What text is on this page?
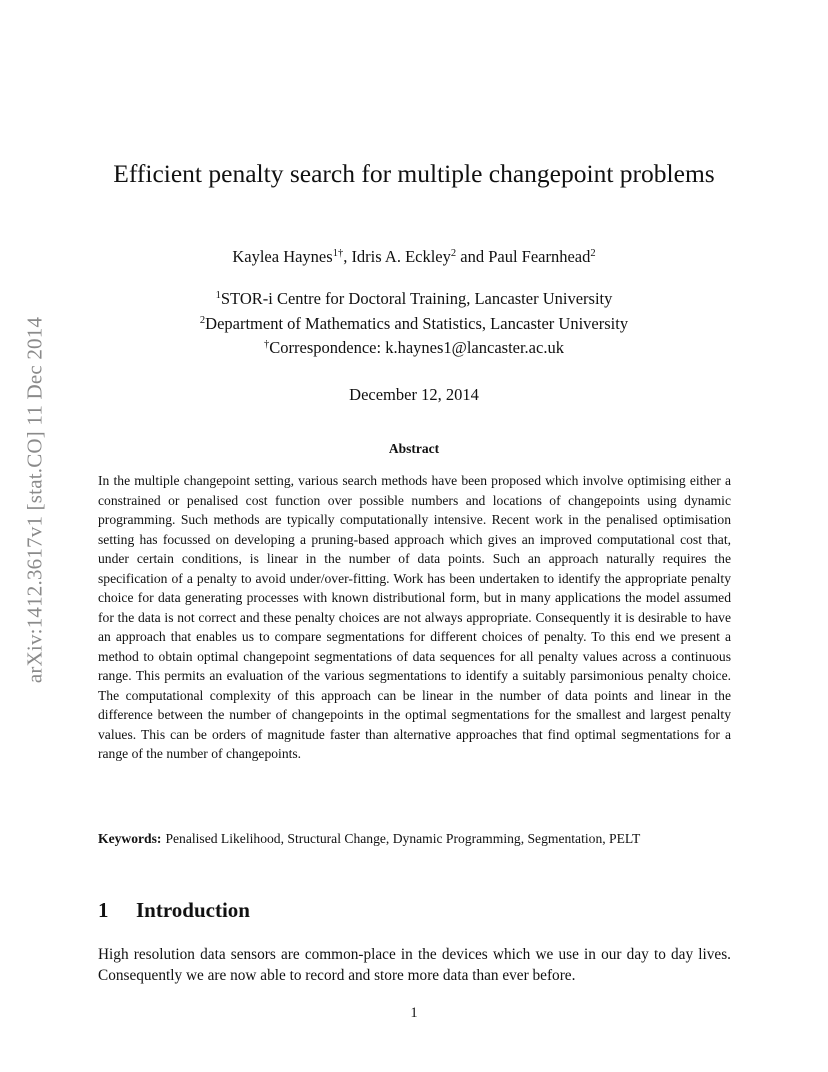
arXiv:1412.3617v1 [stat.CO] 11 Dec 2014
Efficient penalty search for multiple changepoint problems
Kaylea Haynes$^{1\dagger}$, Idris A. Eckley$^2$ and Paul Fearnhead$^2$
$^1$STOR-i Centre for Doctoral Training, Lancaster University
$^2$Department of Mathematics and Statistics, Lancaster University
†Correspondence: k.haynes1@lancaster.ac.uk
December 12, 2014
Abstract
In the multiple changepoint setting, various search methods have been proposed which involve optimising either a constrained or penalised cost function over possible numbers and locations of changepoints using dynamic programming. Such methods are typically computationally intensive. Recent work in the penalised optimisation setting has focussed on developing a pruning-based approach which gives an improved computational cost that, under certain conditions, is linear in the number of data points. Such an approach naturally requires the specification of a penalty to avoid under/over-fitting. Work has been undertaken to identify the appropriate penalty choice for data generating processes with known distributional form, but in many applications the model assumed for the data is not correct and these penalty choices are not always appropriate. Consequently it is desirable to have an approach that enables us to compare segmentations for different choices of penalty. To this end we present a method to obtain optimal changepoint segmentations of data sequences for all penalty values across a continuous range. This permits an evaluation of the various segmentations to identify a suitably parsimonious penalty choice. The computational complexity of this approach can be linear in the number of data points and linear in the difference between the number of changepoints in the optimal segmentations for the smallest and largest penalty values. This can be orders of magnitude faster than alternative approaches that find optimal segmentations for a range of the number of changepoints.
Keywords: Penalised Likelihood, Structural Change, Dynamic Programming, Segmentation, PELT
1 Introduction
High resolution data sensors are common-place in the devices which we use in our day to day lives. Consequently we are now able to record and store more data than ever before.
1
